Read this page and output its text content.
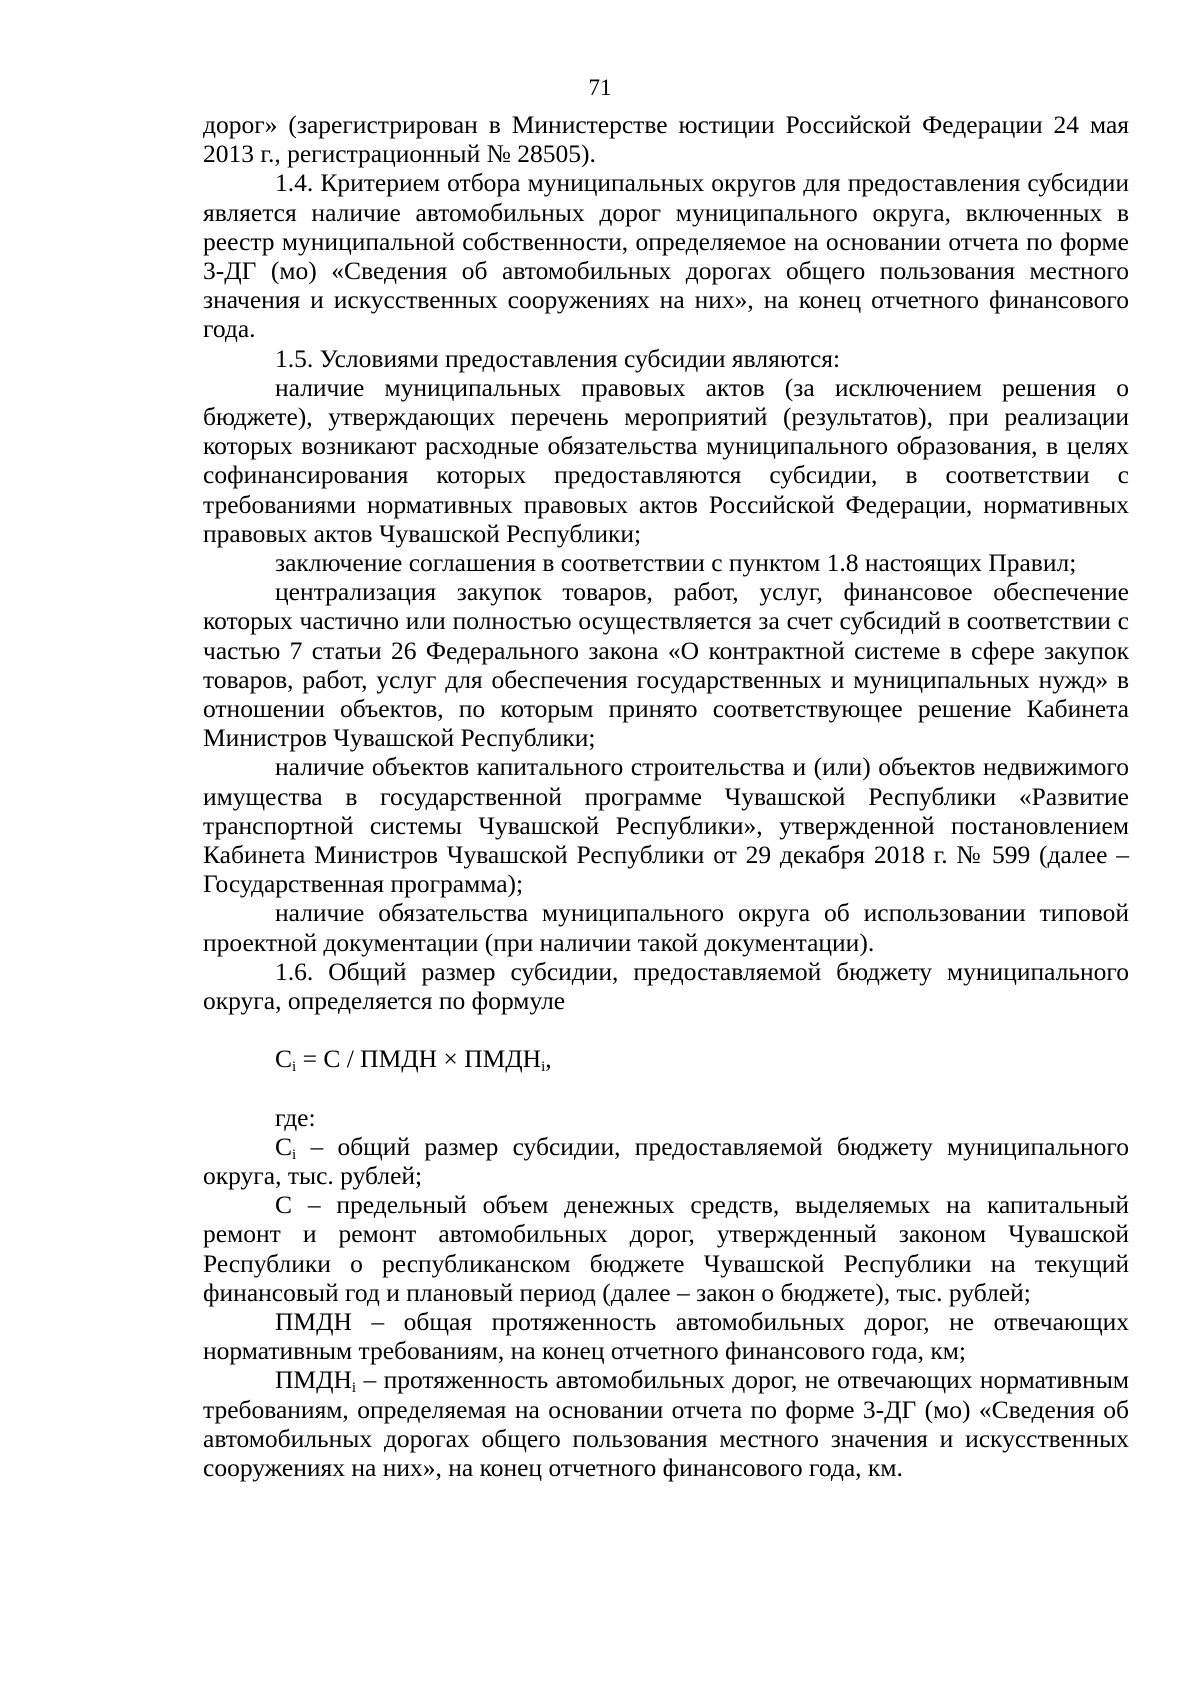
71

дорог» (зарегистрирован в Министерстве юстиции Российской Федерации 24 мая 2013 г., регистрационный № 28505).

1.4. Критерием отбора муниципальных округов для предоставления субсидии является наличие автомобильных дорог муниципального округа, включенных в реестр муниципальной собственности, определяемое на основании отчета по форме 3-ДГ (мо) «Сведения об автомобильных дорогах общего пользования местного значения и искусственных сооружениях на них», на конец отчетного финансового года.

1.5. Условиями предоставления субсидии являются:

наличие муниципальных правовых актов (за исключением решения о бюджете), утверждающих перечень мероприятий (результатов), при реализации которых возникают расходные обязательства муниципального образования, в целях софинансирования которых предоставляются субсидии, в соответствии с требованиями нормативных правовых актов Российской Федерации, нормативных правовых актов Чувашской Республики;

заключение соглашения в соответствии с пунктом 1.8 настоящих Правил;

централизация закупок товаров, работ, услуг, финансовое обеспечение которых частично или полностью осуществляется за счет субсидий в соответствии с частью 7 статьи 26 Федерального закона «О контрактной системе в сфере закупок товаров, работ, услуг для обеспечения государственных и муниципальных нужд» в отношении объектов, по которым принято соответствующее решение Кабинета Министров Чувашской Республики;

наличие объектов капитального строительства и (или) объектов недвижимого имущества в государственной программе Чувашской Республики «Развитие транспортной системы Чувашской Республики», утвержденной постановлением Кабинета Министров Чувашской Республики от 29 декабря 2018 г. № 599 (далее – Государственная программа);

наличие обязательства муниципального округа об использовании типовой проектной документации (при наличии такой документации).

1.6. Общий размер субсидии, предоставляемой бюджету муниципального округа, определяется по формуле

$C_i = C$ / ПМДН × $ПМДН_i$,

где:

$C_i$ – общий размер субсидии, предоставляемой бюджету муниципального округа, тыс. рублей;

C – предельный объем денежных средств, выделяемых на капитальный ремонт и ремонт автомобильных дорог, утвержденный законом Чувашской Республики о республиканском бюджете Чувашской Республики на текущий финансовый год и плановый период (далее – закон о бюджете), тыс. рублей;

ПМДН – общая протяженность автомобильных дорог, не отвечающих нормативным требованиям, на конец отчетного финансового года, км;

$ПМДН_i$ – протяженность автомобильных дорог, не отвечающих нормативным требованиям, определяемая на основании отчета по форме 3-ДГ (мо) «Сведения об автомобильных дорогах общего пользования местного значения и искусственных сооружениях на них», на конец отчетного финансового года, км.
